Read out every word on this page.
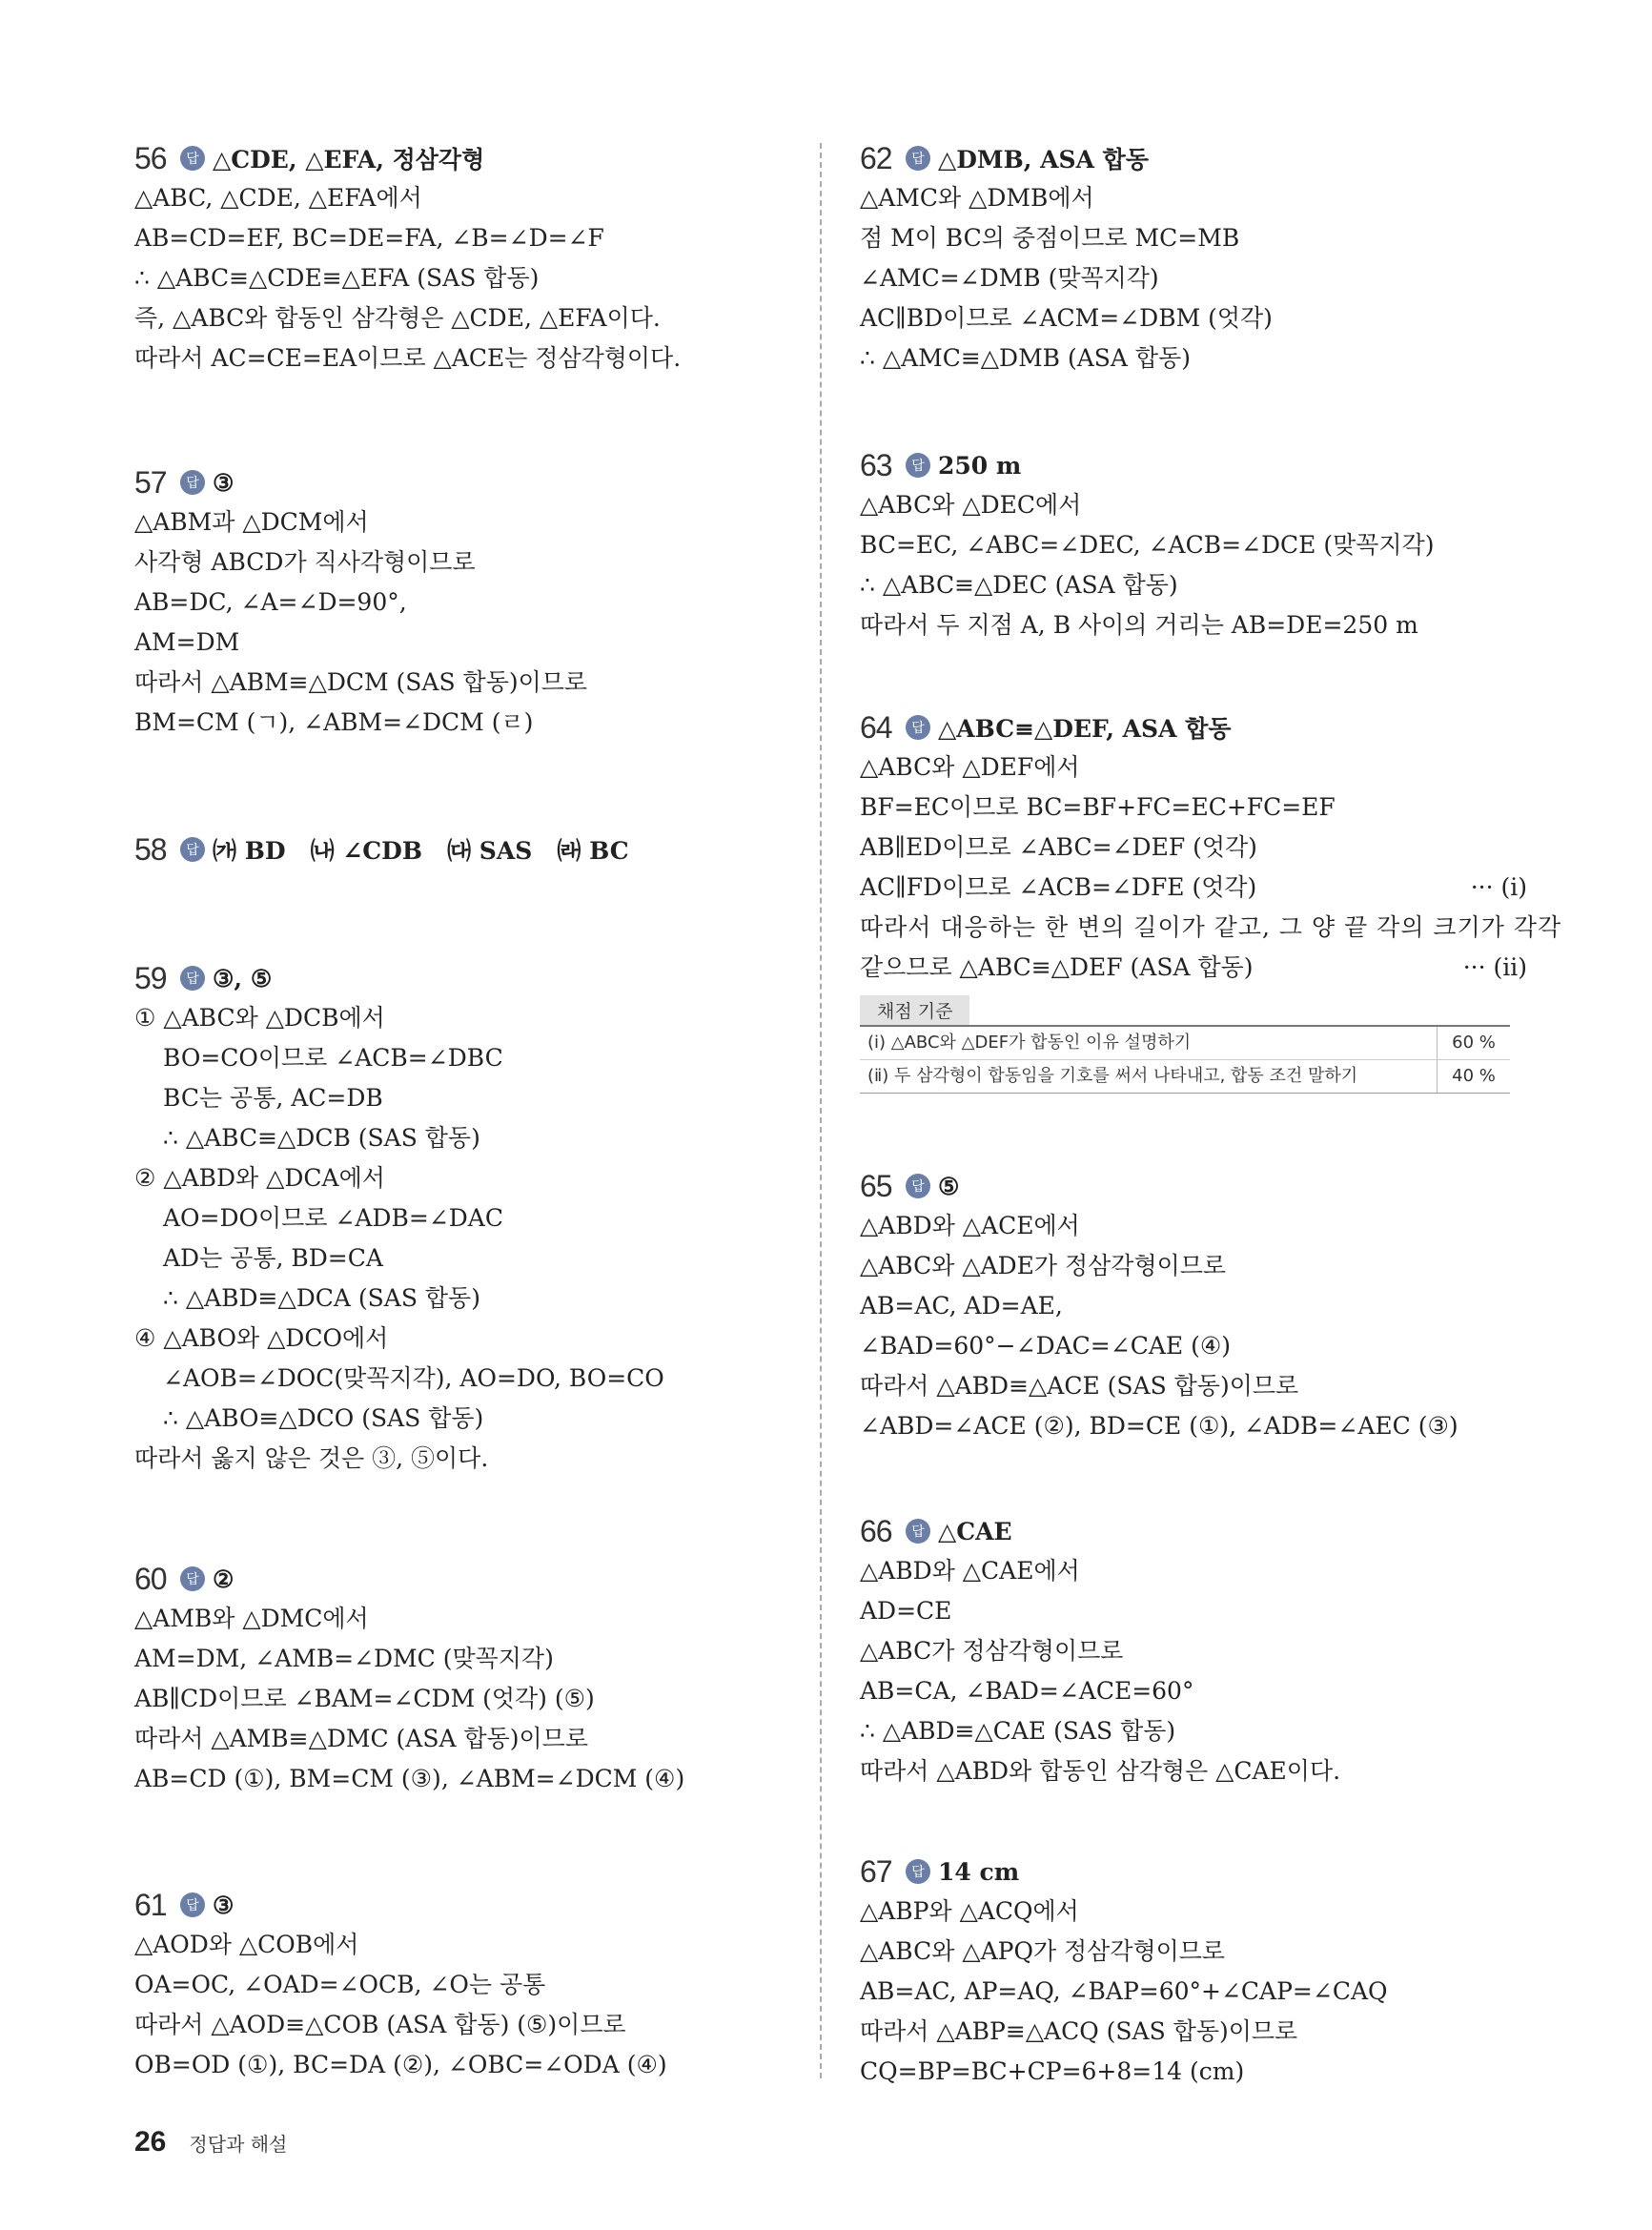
56	답 △CDE, △EFA, 정삼각형
△ABC, △CDE, △EFA에서
AB=CD=EF, BC=DE=FA, ∠B=∠D=∠F
∴ △ABC≡△CDE≡△EFA (SAS 합동)
즉, △ABC와 합동인 삼각형은 △CDE, △EFA이다.
따라서 AC=CE=EA이므로 △ACE는 정삼각형이다.
57	답 ③
△ABM과 △DCM에서
사각형 ABCD가 직사각형이므로
AB=DC, ∠A=∠D=90°,
AM=DM
따라서 △ABM≡△DCM (SAS 합동)이므로
BM=CM (ㄱ), ∠ABM=∠DCM (ㄹ)
58	답 ㈎ BD   ㈏ ∠CDB   ㈐ SAS   ㈑ BC
59	답 ③, ⑤
① △ABC와 △DCB에서
BO=CO이므로 ∠ACB=∠DBC
BC는 공통, AC=DB
∴ △ABC≡△DCB (SAS 합동)
② △ABD와 △DCA에서
AO=DO이므로 ∠ADB=∠DAC
AD는 공통, BD=CA
∴ △ABD≡△DCA (SAS 합동)
④ △ABO와 △DCO에서
∠AOB=∠DOC(맞꼭지각), AO=DO, BO=CO
∴ △ABO≡△DCO (SAS 합동)
따라서 옳지 않은 것은 ③, ⑤이다.
60	답 ②
△AMB와 △DMC에서
AM=DM, ∠AMB=∠DMC (맞꼭지각)
AB∥CD이므로 ∠BAM=∠CDM (엇각) (⑤)
따라서 △AMB≡△DMC (ASA 합동)이므로
AB=CD (①), BM=CM (③), ∠ABM=∠DCM (④)
61	답 ③
△AOD와 △COB에서
OA=OC, ∠OAD=∠OCB, ∠O는 공통
따라서 △AOD≡△COB (ASA 합동) (⑤)이므로
OB=OD (①), BC=DA (②), ∠OBC=∠ODA (④)
62	답 △DMB, ASA 합동
△AMC와 △DMB에서
점 M이 BC의 중점이므로 MC=MB
∠AMC=∠DMB (맞꼭지각)
AC∥BD이므로 ∠ACM=∠DBM (엇각)
∴ △AMC≡△DMB (ASA 합동)
63	답 250 m
△ABC와 △DEC에서
BC=EC, ∠ABC=∠DEC, ∠ACB=∠DCE (맞꼭지각)
∴ △ABC≡△DEC (ASA 합동)
따라서 두 지점 A, B 사이의 거리는 AB=DE=250 m
64	답 △ABC≡△DEF, ASA 합동
△ABC와 △DEF에서
BF=EC이므로 BC=BF+FC=EC+FC=EF
AB∥ED이므로 ∠ABC=∠DEF (엇각)
AC∥FD이므로 ∠ACB=∠DFE (엇각)	··· (ⅰ)
따라서 대응하는 한 변의 길이가 같고, 그 양 끝 각의 크기가 각각
같으므로 △ABC≡△DEF (ASA 합동)	··· (ⅱ)
채점 기준
(ⅰ) △ABC와 △DEF가 합동인 이유 설명하기	60 %
(ⅱ) 두 삼각형이 합동임을 기호를 써서 나타내고, 합동 조건 말하기	40 %
65	답 ⑤
△ABD와 △ACE에서
△ABC와 △ADE가 정삼각형이므로
AB=AC, AD=AE,
∠BAD=60°−∠DAC=∠CAE (④)
따라서 △ABD≡△ACE (SAS 합동)이므로
∠ABD=∠ACE (②), BD=CE (①), ∠ADB=∠AEC (③)
66	답 △CAE
△ABD와 △CAE에서
AD=CE
△ABC가 정삼각형이므로
AB=CA, ∠BAD=∠ACE=60°
∴ △ABD≡△CAE (SAS 합동)
따라서 △ABD와 합동인 삼각형은 △CAE이다.
67	답 14 cm
△ABP와 △ACQ에서
△ABC와 △APQ가 정삼각형이므로
AB=AC, AP=AQ, ∠BAP=60°+∠CAP=∠CAQ
따라서 △ABP≡△ACQ (SAS 합동)이므로
CQ=BP=BC+CP=6+8=14 (cm)
26 정답과 해설
